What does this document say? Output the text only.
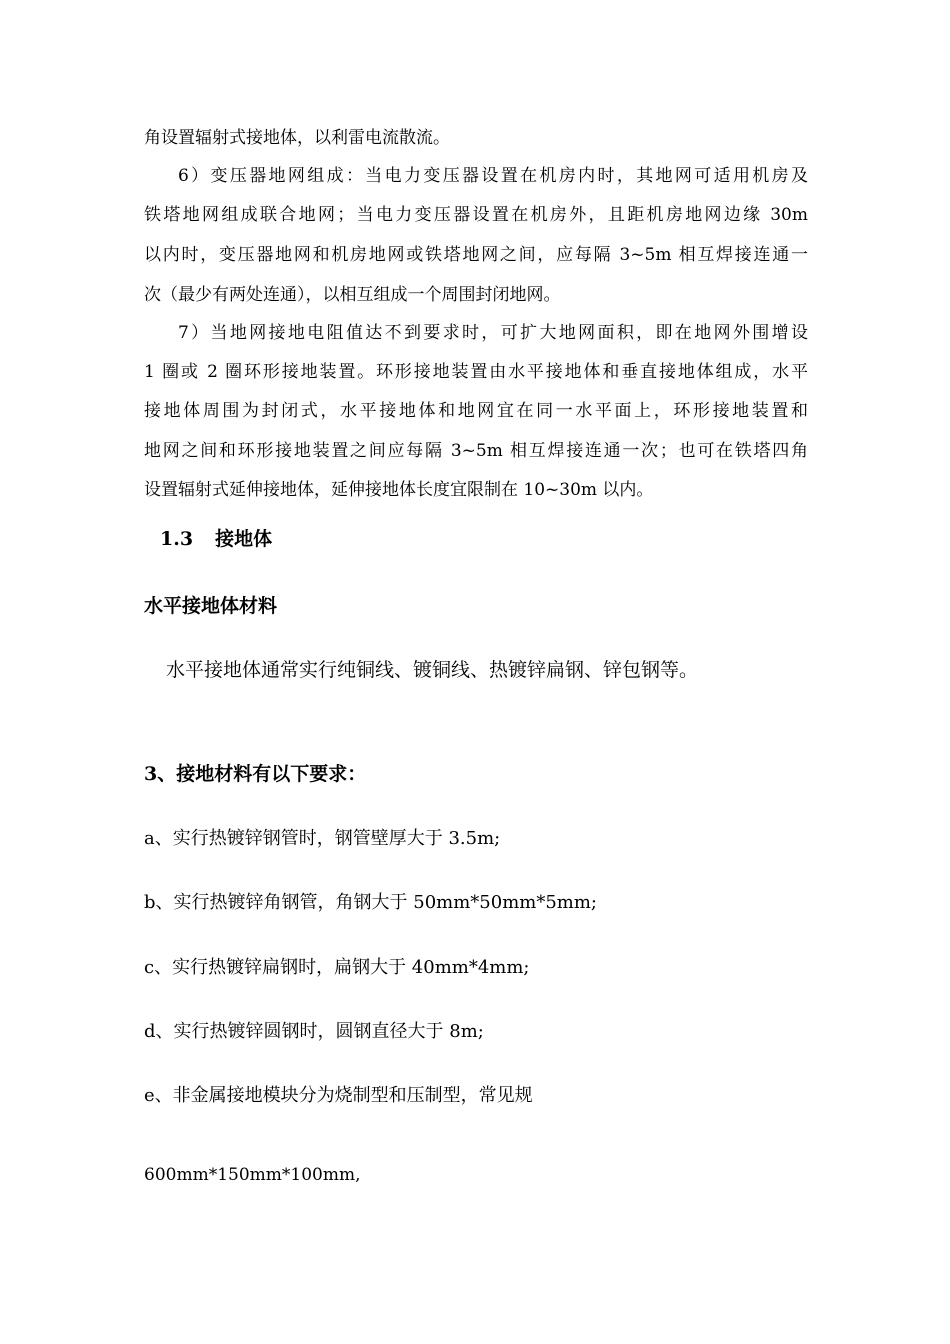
角设置辐射式接地体，以利雷电流散流。
6）变压器地网组成：当电力变压器设置在机房内时，其地网可适用机房及
铁塔地网组成联合地网；当电力变压器设置在机房外，且距机房地网边缘 30m
以内时，变压器地网和机房地网或铁塔地网之间，应每隔 3~5m 相互焊接连通一
次（最少有两处连通），以相互组成一个周围封闭地网。
7）当地网接地电阻值达不到要求时，可扩大地网面积，即在地网外围增设
1 圈或 2 圈环形接地装置。环形接地装置由水平接地体和垂直接地体组成，水平
接地体周围为封闭式，水平接地体和地网宜在同一水平面上，环形接地装置和
地网之间和环形接地装置之间应每隔 3~5m 相互焊接连通一次；也可在铁塔四角
设置辐射式延伸接地体，延伸接地体长度宜限制在 10~30m 以内。
1.3 接地体
水平接地体材料
水平接地体通常实行纯铜线、镀铜线、热镀锌扁钢、锌包钢等。
3、接地材料有以下要求：
a、实行热镀锌钢管时，钢管壁厚大于 3.5m;
b、实行热镀锌角钢管，角钢大于 50mm*50mm*5mm;
c、实行热镀锌扁钢时，扁钢大于 40mm*4mm;
d、实行热镀锌圆钢时，圆钢直径大于 8m;
e、非金属接地模块分为烧制型和压制型，常见规
600mm*150mm*100mm,
